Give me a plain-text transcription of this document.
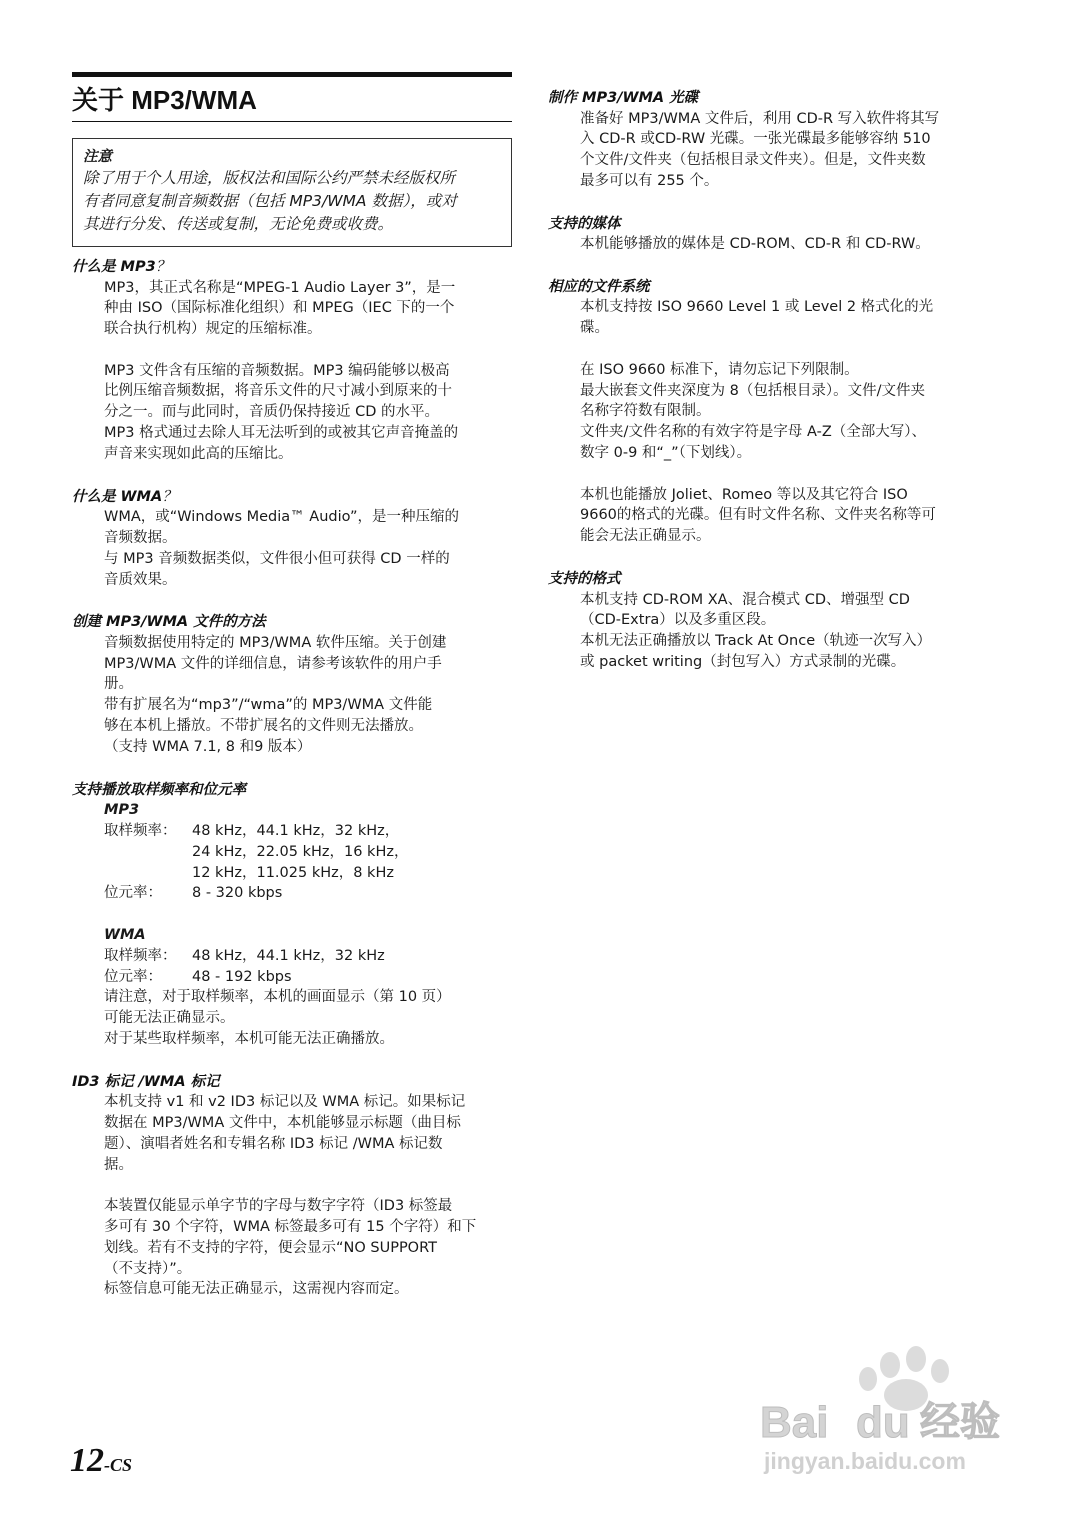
关于 MP3/WMA
注意
除了用于个人用途，版权法和国际公约严禁未经版权所
有者同意复制音频数据（包括 MP3/WMA 数据），或对
其进行分发、传送或复制，无论免费或收费。
什么是 MP3？
MP3，其正式名称是“MPEG-1 Audio Layer 3”，是一
种由 ISO（国际标准化组织）和 MPEG（IEC 下的一个
联合执行机构）规定的压缩标准。
MP3 文件含有压缩的音频数据。MP3 编码能够以极高
比例压缩音频数据，将音乐文件的尺寸减小到原来的十
分之一。而与此同时，音质仍保持接近 CD 的水平。
MP3 格式通过去除人耳无法听到的或被其它声音掩盖的
声音来实现如此高的压缩比。
什么是 WMA？
WMA，或“Windows Media™ Audio”，是一种压缩的
音频数据。
与 MP3 音频数据类似，文件很小但可获得 CD 一样的
音质效果。
创建 MP3/WMA 文件的方法
音频数据使用特定的 MP3/WMA 软件压缩。关于创建
MP3/WMA 文件的详细信息，请参考该软件的用户手
册。
带有扩展名为“mp3”/“wma”的 MP3/WMA 文件能
够在本机上播放。不带扩展名的文件则无法播放。
（支持 WMA 7.1, 8 和9 版本）
支持播放取样频率和位元率
MP3
取样频率：	48 kHz，44.1 kHz，32 kHz，
24 kHz，22.05 kHz，16 kHz，
12 kHz，11.025 kHz，8 kHz
位元率：	8 - 320 kbps
WMA
取样频率：	48 kHz，44.1 kHz，32 kHz
位元率：	48 - 192 kbps
请注意，对于取样频率，本机的画面显示（第 10 页）
可能无法正确显示。
对于某些取样频率，本机可能无法正确播放。
ID3 标记 /WMA 标记
本机支持 v1 和 v2 ID3 标记以及 WMA 标记。如果标记
数据在 MP3/WMA 文件中，本机能够显示标题（曲目标
题）、演唱者姓名和专辑名称 ID3 标记 /WMA 标记数
据。
本装置仅能显示单字节的字母与数字字符（ID3 标签最
多可有 30 个字符，WMA 标签最多可有 15 个字符）和下
划线。若有不支持的字符，便会显示“NO SUPPORT
（不支持）”。
标签信息可能无法正确显示，这需视内容而定。
制作 MP3/WMA 光碟
准备好 MP3/WMA 文件后，利用 CD-R 写入软件将其写
入 CD-R 或CD-RW 光碟。一张光碟最多能够容纳 510
个文件/文件夹（包括根目录文件夹）。但是，文件夹数
最多可以有 255 个。
支持的媒体
本机能够播放的媒体是 CD-ROM、CD-R 和 CD-RW。
相应的文件系统
本机支持按 ISO 9660 Level 1 或 Level 2 格式化的光
碟。
在 ISO 9660 标准下，请勿忘记下列限制。
最大嵌套文件夹深度为 8（包括根目录）。文件/文件夹
名称字符数有限制。
文件夹/文件名称的有效字符是字母 A-Z（全部大写）、
数字 0-9 和“_”（下划线）。
本机也能播放 Joliet、Romeo 等以及其它符合 ISO
9660的格式的光碟。但有时文件名称、文件夹名称等可
能会无法正确显示。
支持的格式
本机支持 CD-ROM XA、混合模式 CD、增强型 CD
（CD-Extra）以及多重区段。
本机无法正确播放以 Track At Once（轨迹一次写入）
或 packet writing（封包写入）方式录制的光碟。
12-CS
Bai du 经验
jingyan.baidu.com
